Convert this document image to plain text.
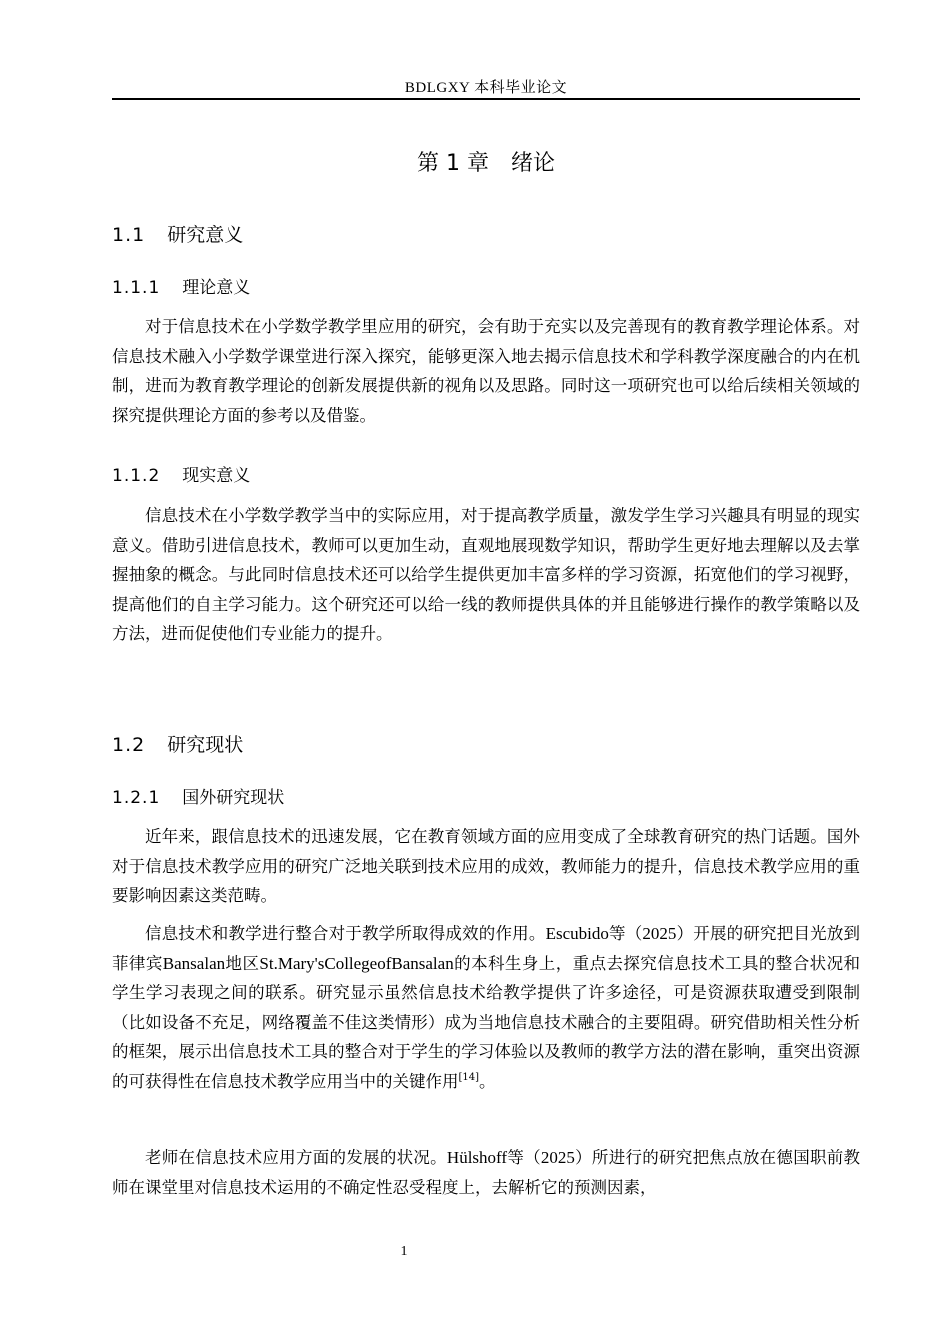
BDLGXY 本科毕业论文
第 1 章　绪论
1.1 研究意义
1.1.1 理论意义

对于信息技术在小学数学教学里应用的研究，会有助于充实以及完善现有的教育教学理论体系。对信息技术融入小学数学课堂进行深入探究，能够更深入地去揭示信息技术和学科教学深度融合的内在机制，进而为教育教学理论的创新发展提供新的视角以及思路。同时这一项研究也可以给后续相关领域的探究提供理论方面的参考以及借鉴。

1.1.2 现实意义

信息技术在小学数学教学当中的实际应用，对于提高教学质量，激发学生学习兴趣具有明显的现实意义。借助引进信息技术，教师可以更加生动，直观地展现数学知识，帮助学生更好地去理解以及去掌握抽象的概念。与此同时信息技术还可以给学生提供更加丰富多样的学习资源，拓宽他们的学习视野，提高他们的自主学习能力。这个研究还可以给一线的教师提供具体的并且能够进行操作的教学策略以及方法，进而促使他们专业能力的提升。

1.2 研究现状
1.2.1 国外研究现状

近年来，跟信息技术的迅速发展，它在教育领域方面的应用变成了全球教育研究的热门话题。国外对于信息技术教学应用的研究广泛地关联到技术应用的成效，教师能力的提升，信息技术教学应用的重要影响因素这类范畴。

信息技术和教学进行整合对于教学所取得成效的作用。Escubido等（2025）开展的研究把目光放到菲律宾Bansalan地区St.Mary'sCollegeofBansalan的本科生身上，重点去探究信息技术工具的整合状况和学生学习表现之间的联系。研究显示虽然信息技术给教学提供了许多途径，可是资源获取遭受到限制（比如设备不充足，网络覆盖不佳这类情形）成为当地信息技术融合的主要阻碍。研究借助相关性分析的框架，展示出信息技术工具的整合对于学生的学习体验以及教师的教学方法的潜在影响，重突出资源的可获得性在信息技术教学应用当中的关键作用[14]。

老师在信息技术应用方面的发展的状况。Hülshoff等（2025）所进行的研究把焦点放在德国职前教师在课堂里对信息技术运用的不确定性忍受程度上，去解析它的预测因素，

1
